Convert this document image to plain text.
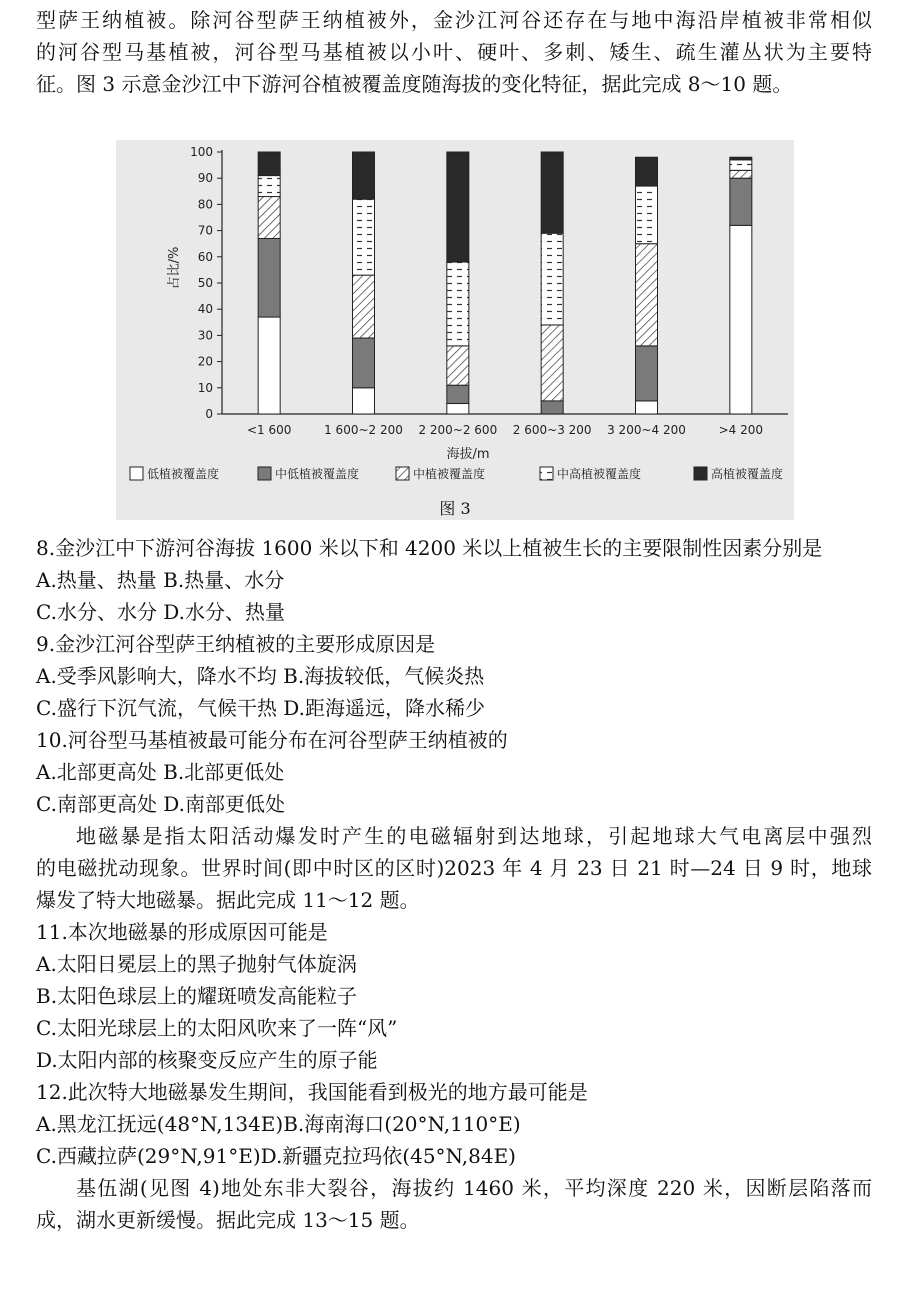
型萨王纳植被。除河谷型萨王纳植被外，金沙江河谷还存在与地中海沿岸植被非常相似
的河谷型马基植被，河谷型马基植被以小叶、硬叶、多刺、矮生、疏生灌丛状为主要特
征。图 3 示意金沙江中下游河谷植被覆盖度随海拔的变化特征，据此完成 8～10 题。
0
10
20
30
40
50
60
70
80
90
100
<1 600	1 600~2 200 2 200~2 600 2 600~3 200 3 200~4 200	>4 200
低植被覆盖度	中低植被覆盖度	中植被覆盖度	中高植被覆盖度	高植被覆盖度
占比/%
海拔/m
图 3
8.金沙江中下游河谷海拔 1600 米以下和 4200 米以上植被生长的主要限制性因素分别是
A.热量、热量 B.热量、水分
C.水分、水分 D.水分、热量
9.金沙江河谷型萨王纳植被的主要形成原因是
A.受季风影响大，降水不均 B.海拔较低，气候炎热
C.盛行下沉气流，气候干热 D.距海遥远，降水稀少
10.河谷型马基植被最可能分布在河谷型萨王纳植被的
A.北部更高处 B.北部更低处
C.南部更高处 D.南部更低处
地磁暴是指太阳活动爆发时产生的电磁辐射到达地球，引起地球大气电离层中强烈
的电磁扰动现象。世界时间(即中时区的区时)2023 年 4 月 23 日 21 时—24 日 9 时，地球
爆发了特大地磁暴。据此完成 11～12 题。
11.本次地磁暴的形成原因可能是
A.太阳日冕层上的黑子抛射气体旋涡
B.太阳色球层上的耀斑喷发高能粒子
C.太阳光球层上的太阳风吹来了一阵“风”
D.太阳内部的核聚变反应产生的原子能
12.此次特大地磁暴发生期间，我国能看到极光的地方最可能是
A.黑龙江抚远(48°N,134E)B.海南海口(20°N,110°E)
C.西藏拉萨(29°N,91°E)D.新疆克拉玛依(45°N,84E)
基伍湖(见图 4)地处东非大裂谷，海拔约 1460 米，平均深度 220 米，因断层陷落而
成，湖水更新缓慢。据此完成 13～15 题。
